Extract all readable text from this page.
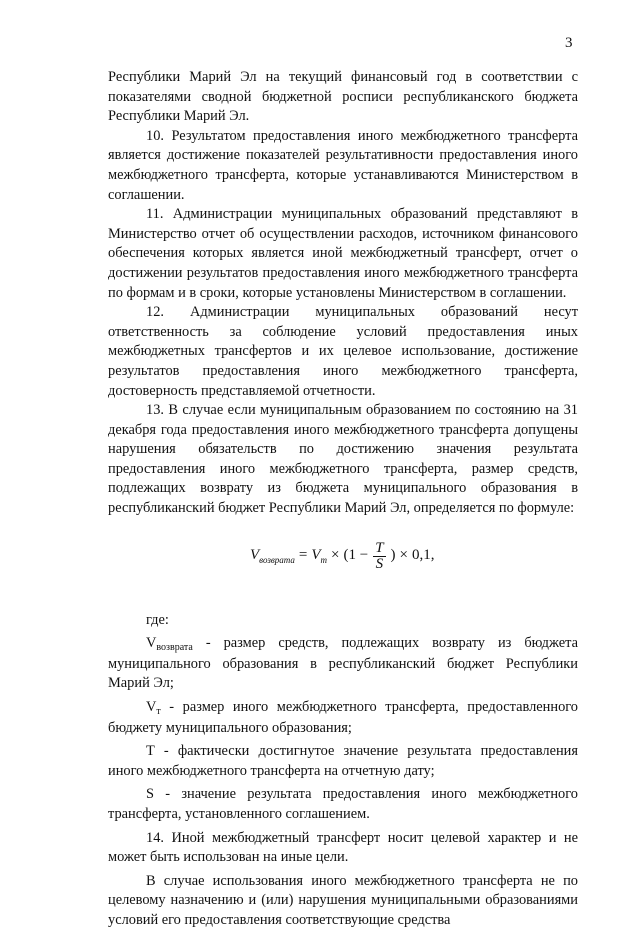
3

Республики Марий Эл на текущий финансовый год в соответствии с показателями сводной бюджетной росписи республиканского бюджета Республики Марий Эл.

10. Результатом предоставления иного межбюджетного трансферта является достижение показателей результативности предоставления иного межбюджетного трансферта, которые устанавливаются Министерством в соглашении.

11. Администрации муниципальных образований представляют в Министерство отчет об осуществлении расходов, источником финансового обеспечения которых является иной межбюджетный трансферт, отчет о достижении результатов предоставления иного межбюджетного трансферта по формам и в сроки, которые установлены Министерством в соглашении.

12. Администрации муниципальных образований несут ответственность за соблюдение условий предоставления иных межбюджетных трансфертов и их целевое использование, достижение результатов предоставления иного межбюджетного трансферта, достоверность представляемой отчетности.

13. В случае если муниципальным образованием по состоянию на 31 декабря года предоставления иного межбюджетного трансферта допущены нарушения обязательств по достижению значения результата предоставления иного межбюджетного трансферта, размер средств, подлежащих возврату из бюджета муниципального образования в республиканский бюджет Республики Марий Эл, определяется по формуле:

$V_{возврата} = V_т \times (1 - \frac{T}{S}$ ) × 0,1,

где:

$V_{возврата}$ - размер средств, подлежащих возврату из бюджета муниципального образования в республиканский бюджет Республики Марий Эл;

$V_т$ - размер иного межбюджетного трансферта, предоставленного бюджету муниципального образования;

Т - фактически достигнутое значение результата предоставления иного межбюджетного трансферта на отчетную дату;

S - значение результата предоставления иного межбюджетного трансферта, установленного соглашением.

14. Иной межбюджетный трансферт носит целевой характер и не может быть использован на иные цели.

В случае использования иного межбюджетного трансферта не по целевому назначению и (или) нарушения муниципальными образованиями условий его предоставления соответствующие средства
